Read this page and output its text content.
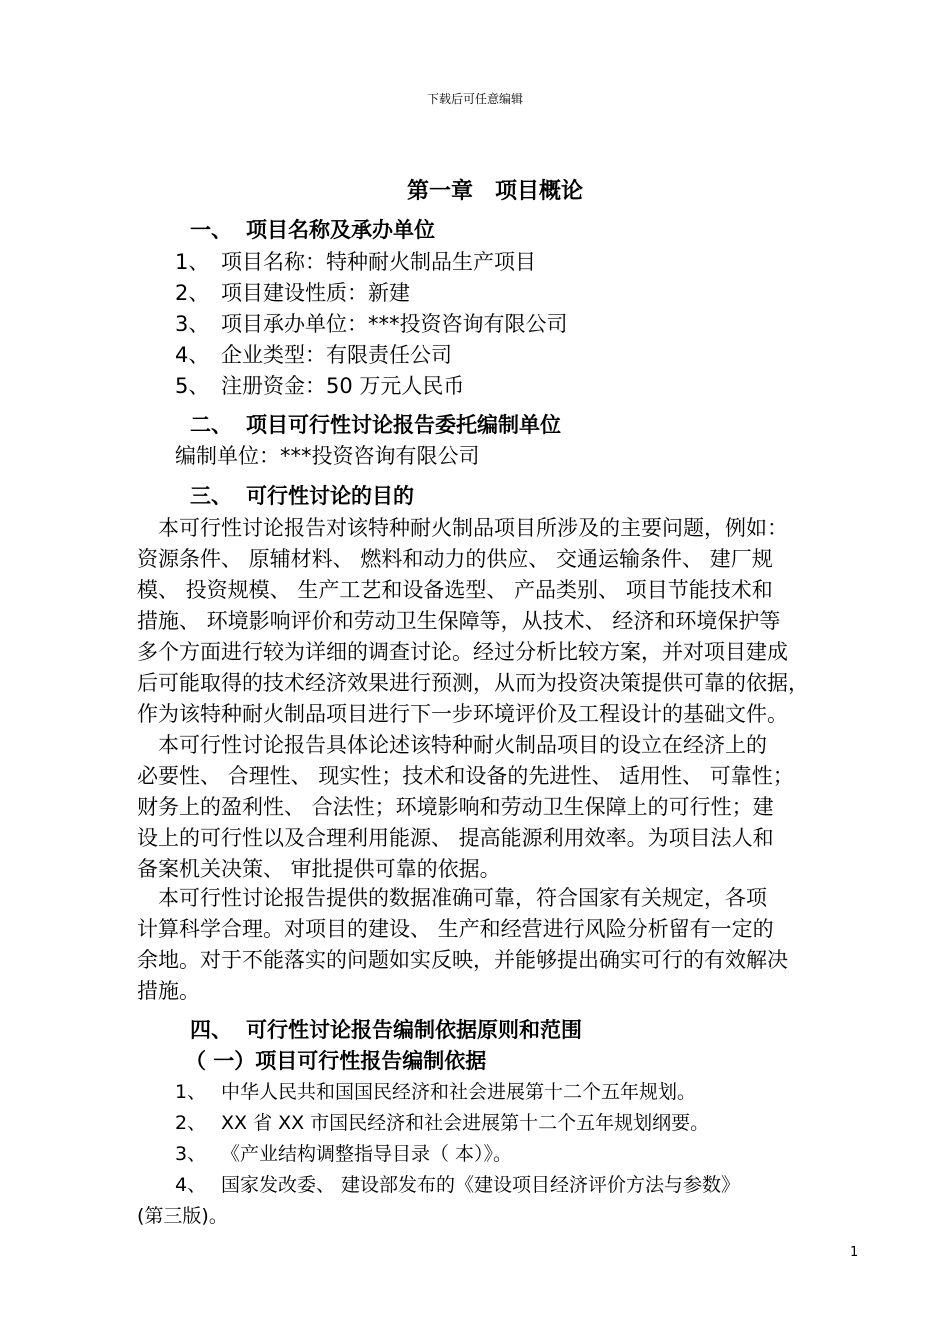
下载后可任意编辑
第一章　项目概论
一、 项目名称及承办单位
1、 项目名称：特种耐火制品生产项目
2、 项目建设性质：新建
3、 项目承办单位：***投资咨询有限公司
4、 企业类型：有限责任公司
5、 注册资金：50 万元人民币
二、 项目可行性讨论报告委托编制单位
编制单位：***投资咨询有限公司
三、 可行性讨论的目的
　本可行性讨论报告对该特种耐火制品项目所涉及的主要问题，例如：
资源条件、 原辅材料、 燃料和动力的供应、 交通运输条件、 建厂规
模、 投资规模、 生产工艺和设备选型、 产品类别、 项目节能技术和
措施、 环境影响评价和劳动卫生保障等，从技术、 经济和环境保护等
多个方面进行较为详细的调查讨论。经过分析比较方案，并对项目建成
后可能取得的技术经济效果进行预测，从而为投资决策提供可靠的依据，
作为该特种耐火制品项目进行下一步环境评价及工程设计的基础文件。
　本可行性讨论报告具体论述该特种耐火制品项目的设立在经济上的
必要性、 合理性、 现实性；技术和设备的先进性、 适用性、 可靠性；
财务上的盈利性、 合法性；环境影响和劳动卫生保障上的可行性；建
设上的可行性以及合理利用能源、 提高能源利用效率。为项目法人和
备案机关决策、 审批提供可靠的依据。
　本可行性讨论报告提供的数据准确可靠，符合国家有关规定，各项
计算科学合理。对项目的建设、 生产和经营进行风险分析留有一定的
余地。对于不能落实的问题如实反映，并能够提出确实可行的有效解决
措施。
四、 可行性讨论报告编制依据原则和范围
（ 一）项目可行性报告编制依据
1、 中华人民共和国国民经济和社会进展第十二个五年规划。
2、 XX 省 XX 市国民经济和社会进展第十二个五年规划纲要。
3、 《产业结构调整指导目录（ 本）》。
4、 国家发改委、 建设部发布的《建设项目经济评价方法与参数》
(第三版)。
1
